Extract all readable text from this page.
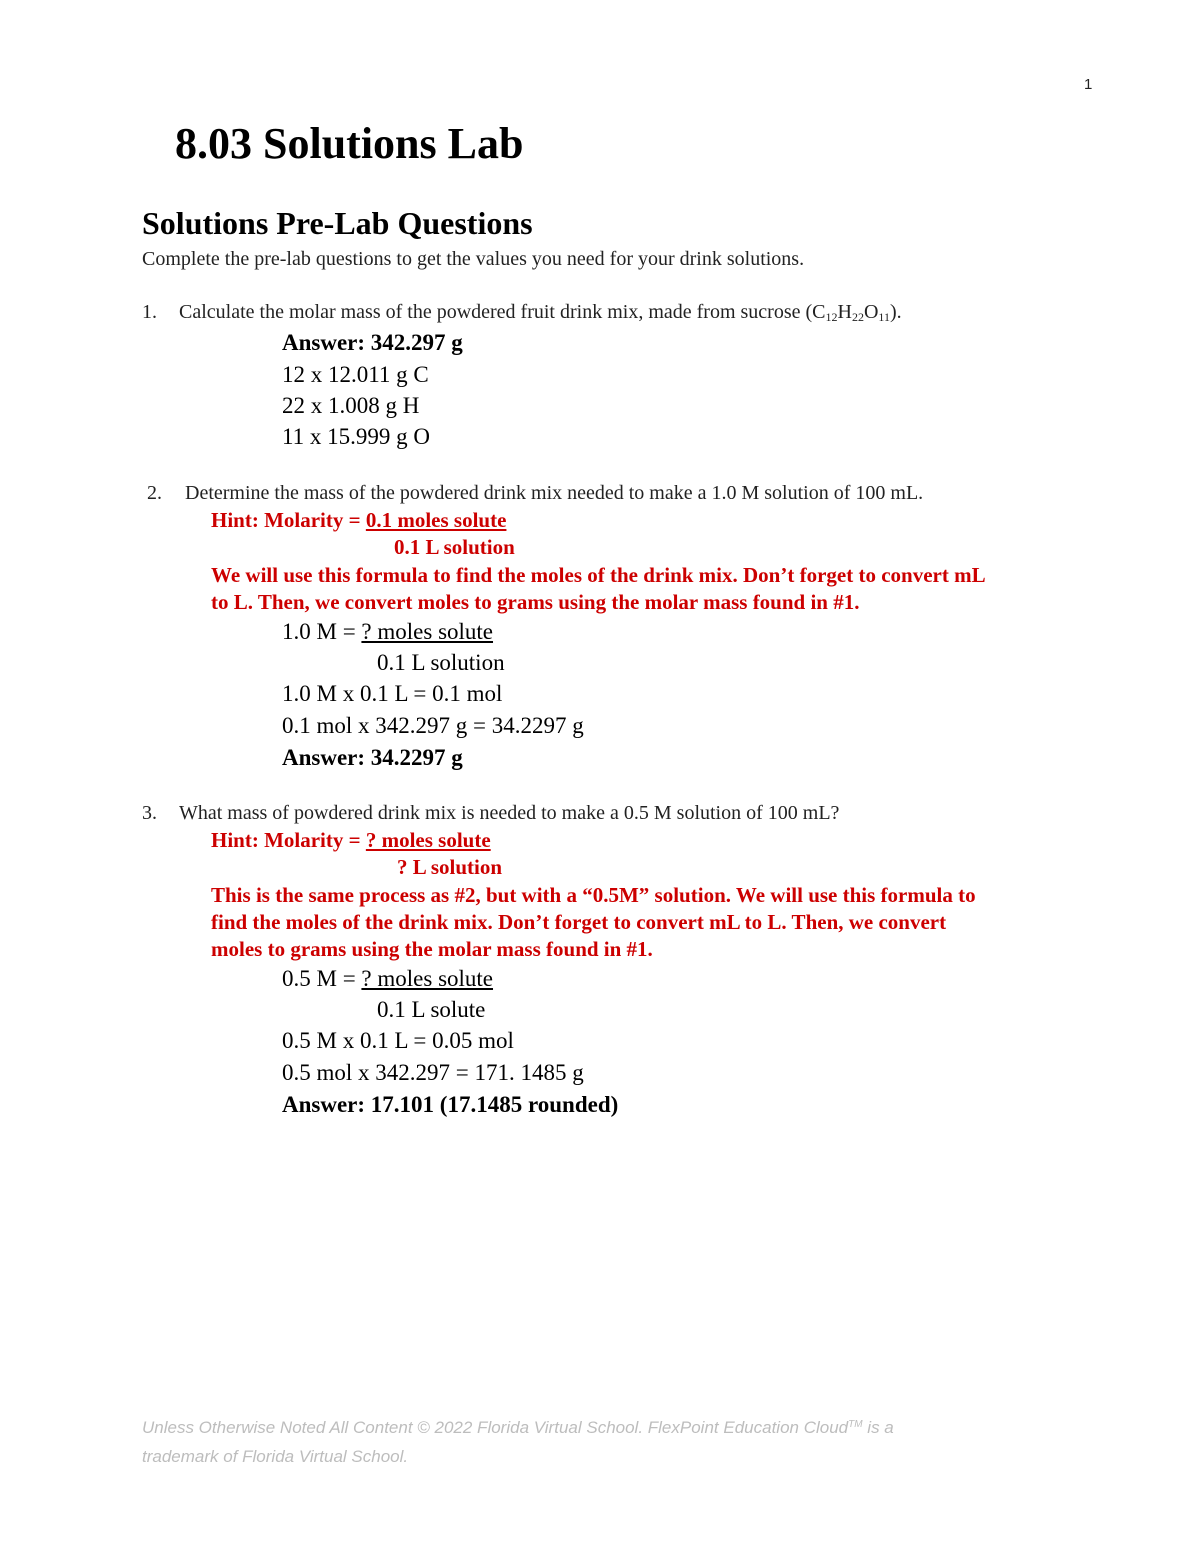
1
8.03 Solutions Lab
Solutions Pre-Lab Questions
Complete the pre-lab questions to get the values you need for your drink solutions.
1. Calculate the molar mass of the powdered fruit drink mix, made from sucrose $(C_{12}H_{22}O_{11})$.
Answer: 342.297 g
12 x 12.011 g C
22 x 1.008 g H
11 x 15.999 g O
2. Determine the mass of the powdered drink mix needed to make a 1.0 M solution of 100 mL.
Hint: Molarity = 0.1 moles solute
0.1 L solution
We will use this formula to find the moles of the drink mix. Don’t forget to convert mL
to L. Then, we convert moles to grams using the molar mass found in #1.
1.0 M = ? moles solute
0.1 L solution
1.0 M x 0.1 L = 0.1 mol
0.1 mol x 342.297 g = 34.2297 g
Answer: 34.2297 g
3. What mass of powdered drink mix is needed to make a 0.5 M solution of 100 mL?
Hint: Molarity = ? moles solute
? L solution
This is the same process as #2, but with a “0.5M” solution. We will use this formula to
find the moles of the drink mix. Don’t forget to convert mL to L. Then, we convert
moles to grams using the molar mass found in #1.
0.5 M = ? moles solute
0.1 L solute
0.5 M x 0.1 L = 0.05 mol
0.5 mol x 342.297 = 171. 1485 g
Answer: 17.101 (17.1485 rounded)
Unless Otherwise Noted All Content © 2022 Florida Virtual School. FlexPoint Education Cloud™ is a
trademark of Florida Virtual School.
